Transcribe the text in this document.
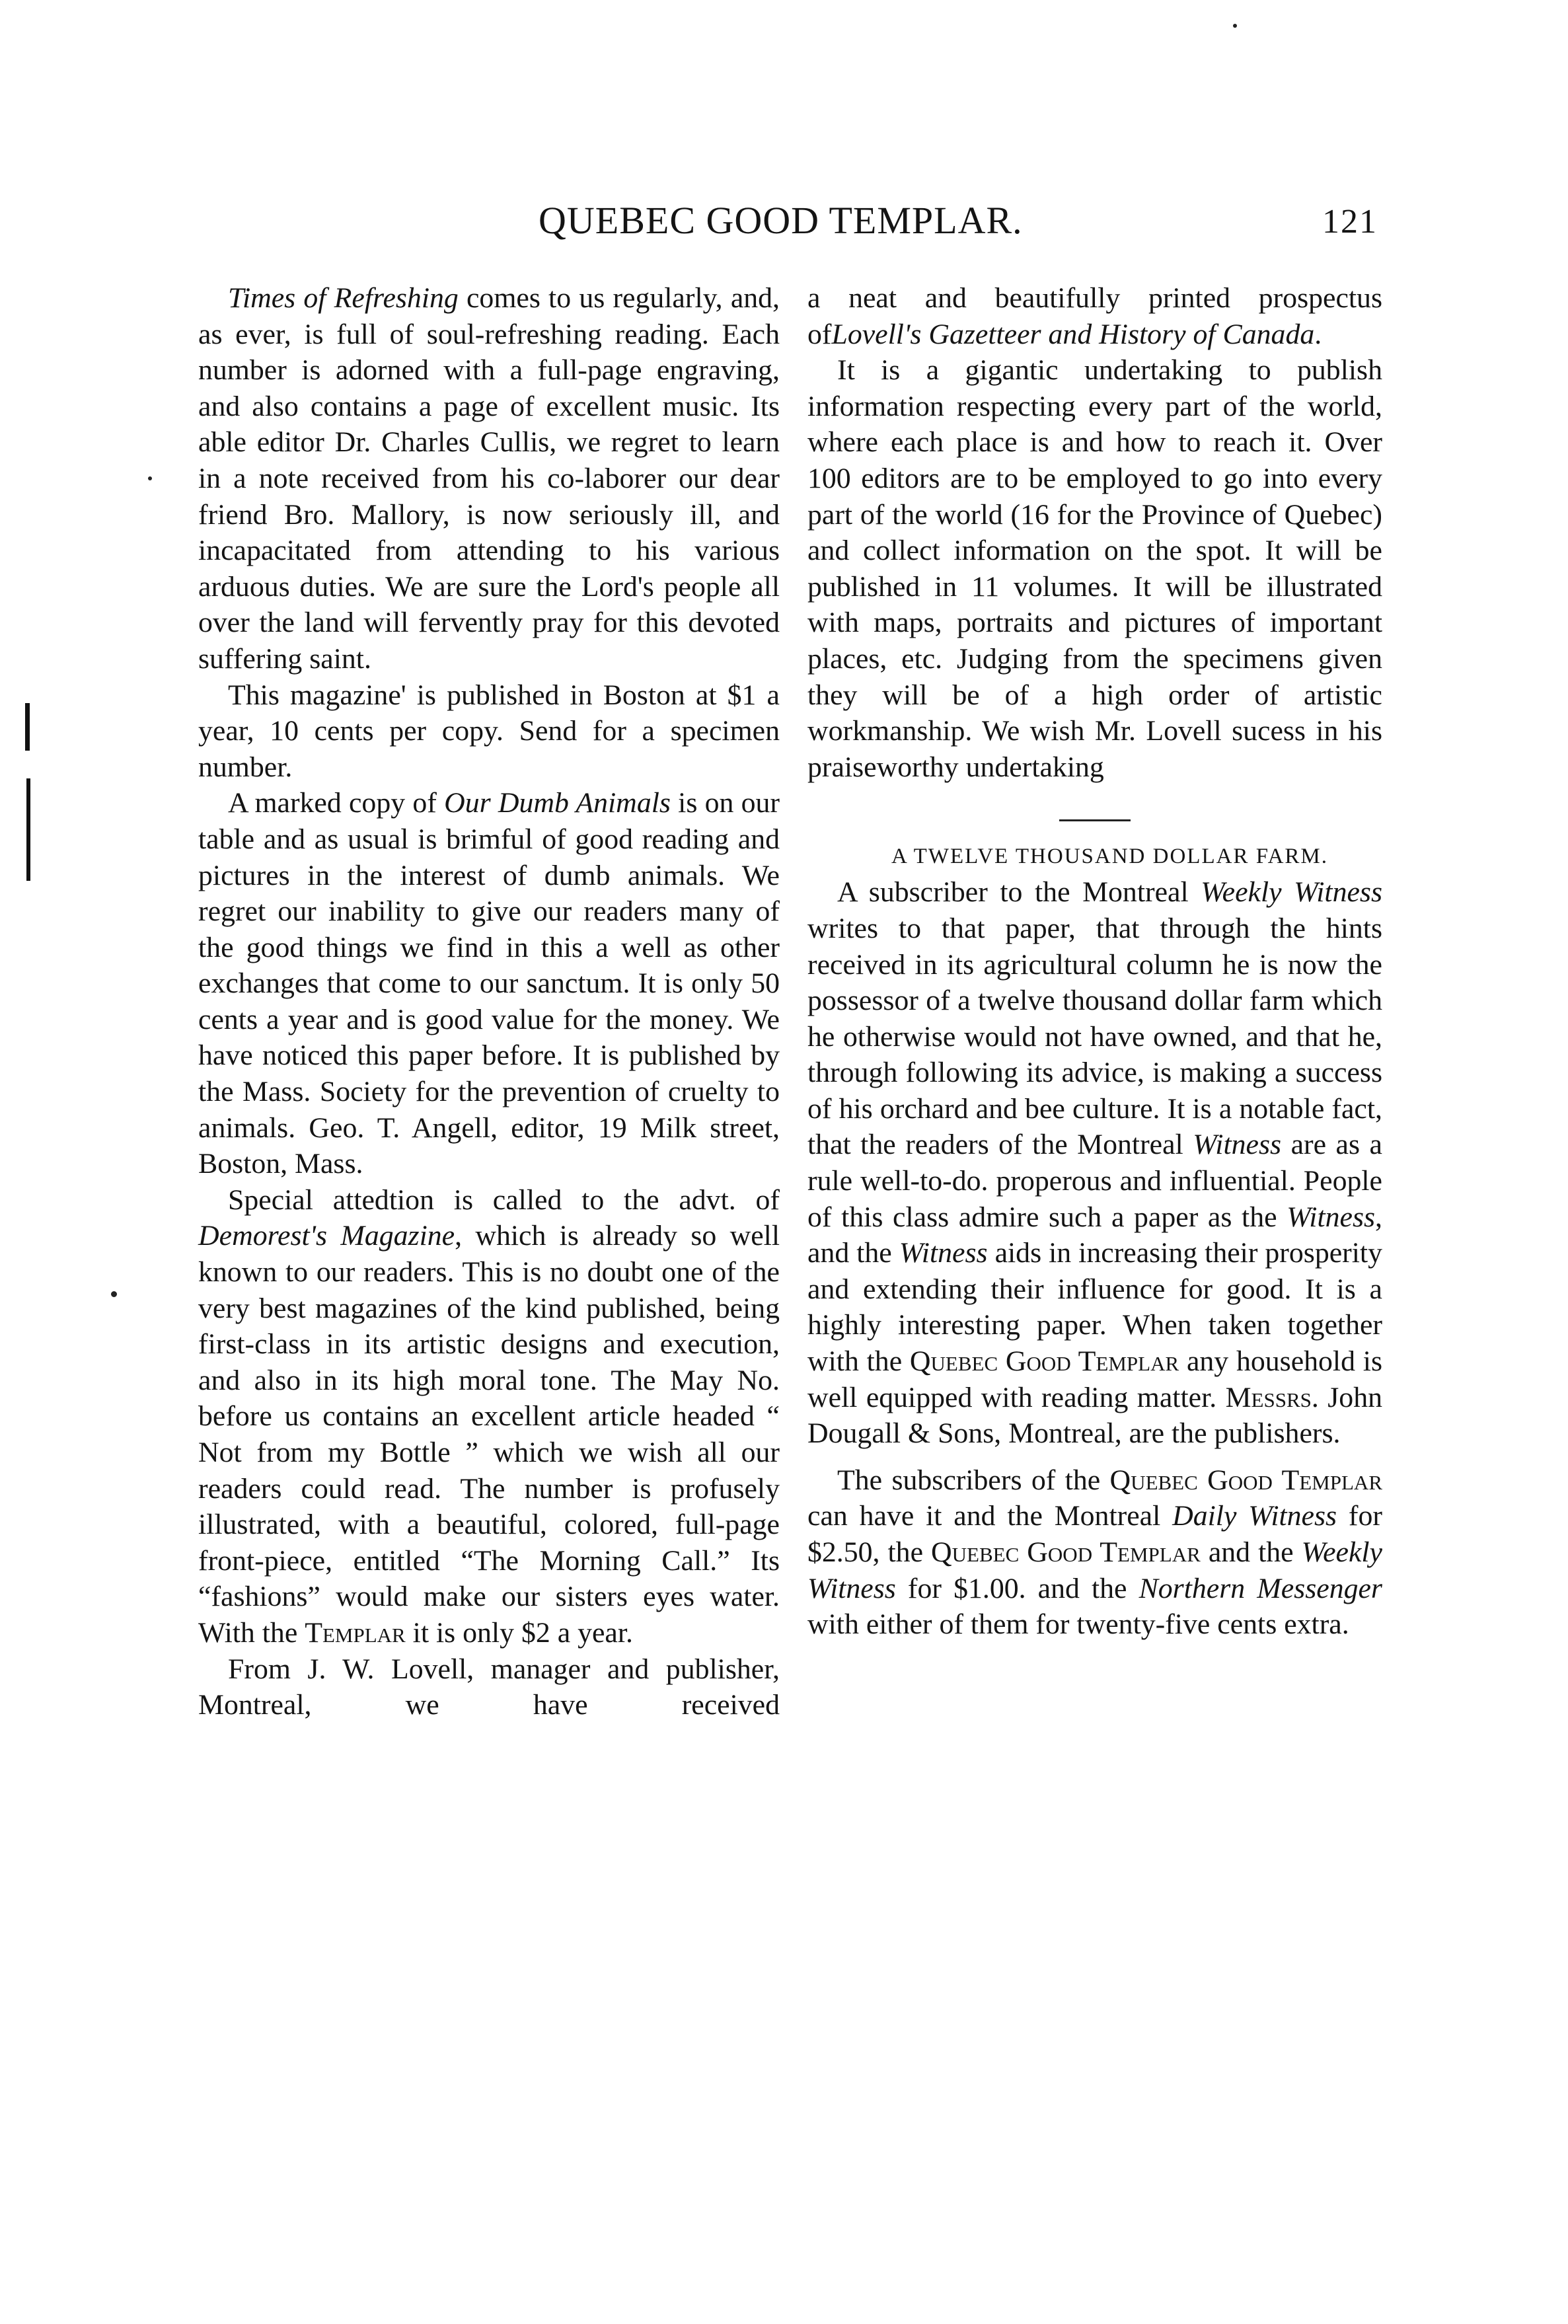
QUEBEC GOOD TEMPLAR.	121

Times of Refreshing comes to us regularly, and, as ever, is full of soul-refreshing reading. Each number is adorned with a full-page engraving, and also contains a page of excellent music. Its able editor Dr. Charles Cullis, we regret to learn in a note received from his co-laborer our dear friend Bro. Mallory, is now seriously ill, and incapacitated from attending to his various arduous duties. We are sure the Lord's people all over the land will fervently pray for this devoted suffering saint.

This magazine' is published in Boston at $1 a year, 10 cents per copy. Send for a specimen number.

A marked copy of Our Dumb Animals is on our table and as usual is brimful of good reading and pictures in the interest of dumb animals. We regret our inability to give our readers many of the good things we find in this a well as other exchanges that come to our sanctum. It is only 50 cents a year and is good value for the money. We have noticed this paper before. It is published by the Mass. Society for the prevention of cruelty to animals. Geo. T. Angell, editor, 19 Milk street, Boston, Mass.

Special attedtion is called to the advt. of Demorest's Magazine, which is already so well known to our readers. This is no doubt one of the very best magazines of the kind published, being first-class in its artistic designs and execution, and also in its high moral tone. The May No. before us contains an excellent article headed “ Not from my Bottle ” which we wish all our readers could read. The number is profusely illustrated, with a beautiful, colored, full-page front-piece, entitled “The Morning Call.” Its “fashions” would make our sisters eyes water. With the Templar it is only $2 a year.

From J. W. Lovell, manager and publisher, Montreal, we have received

a neat and beautifully printed prospectus ofLovell's Gazetteer and History of Canada.

It is a gigantic undertaking to publish information respecting every part of the world, where each place is and how to reach it. Over 100 editors are to be employed to go into every part of the world (16 for the Province of Quebec) and collect information on the spot. It will be published in 11 volumes. It will be illustrated with maps, portraits and pictures of important places, etc. Judging from the specimens given they will be of a high order of artistic workmanship. We wish Mr. Lovell sucess in his praiseworthy undertaking

A TWELVE THOUSAND DOLLAR FARM.

A subscriber to the Montreal Weekly Witness writes to that paper, that through the hints received in its agricultural column he is now the possessor of a twelve thousand dollar farm which he otherwise would not have owned, and that he, through following its advice, is making a success of his orchard and bee culture. It is a notable fact, that the readers of the Montreal Witness are as a rule well-to-do. properous and influential. People of this class admire such a paper as the Witness, and the Witness aids in increasing their prosperity and extending their influence for good. It is a highly interesting paper. When taken together with the Quebec Good Templar any household is well equipped with reading matter. Messrs. John Dougall & Sons, Montreal, are the publishers.

The subscribers of the Quebec Good Templar can have it and the Montreal Daily Witness for $2.50, the Quebec Good Templar and the Weekly Witness for $1.00. and the Northern Messenger with either of them for twenty-five cents extra.
